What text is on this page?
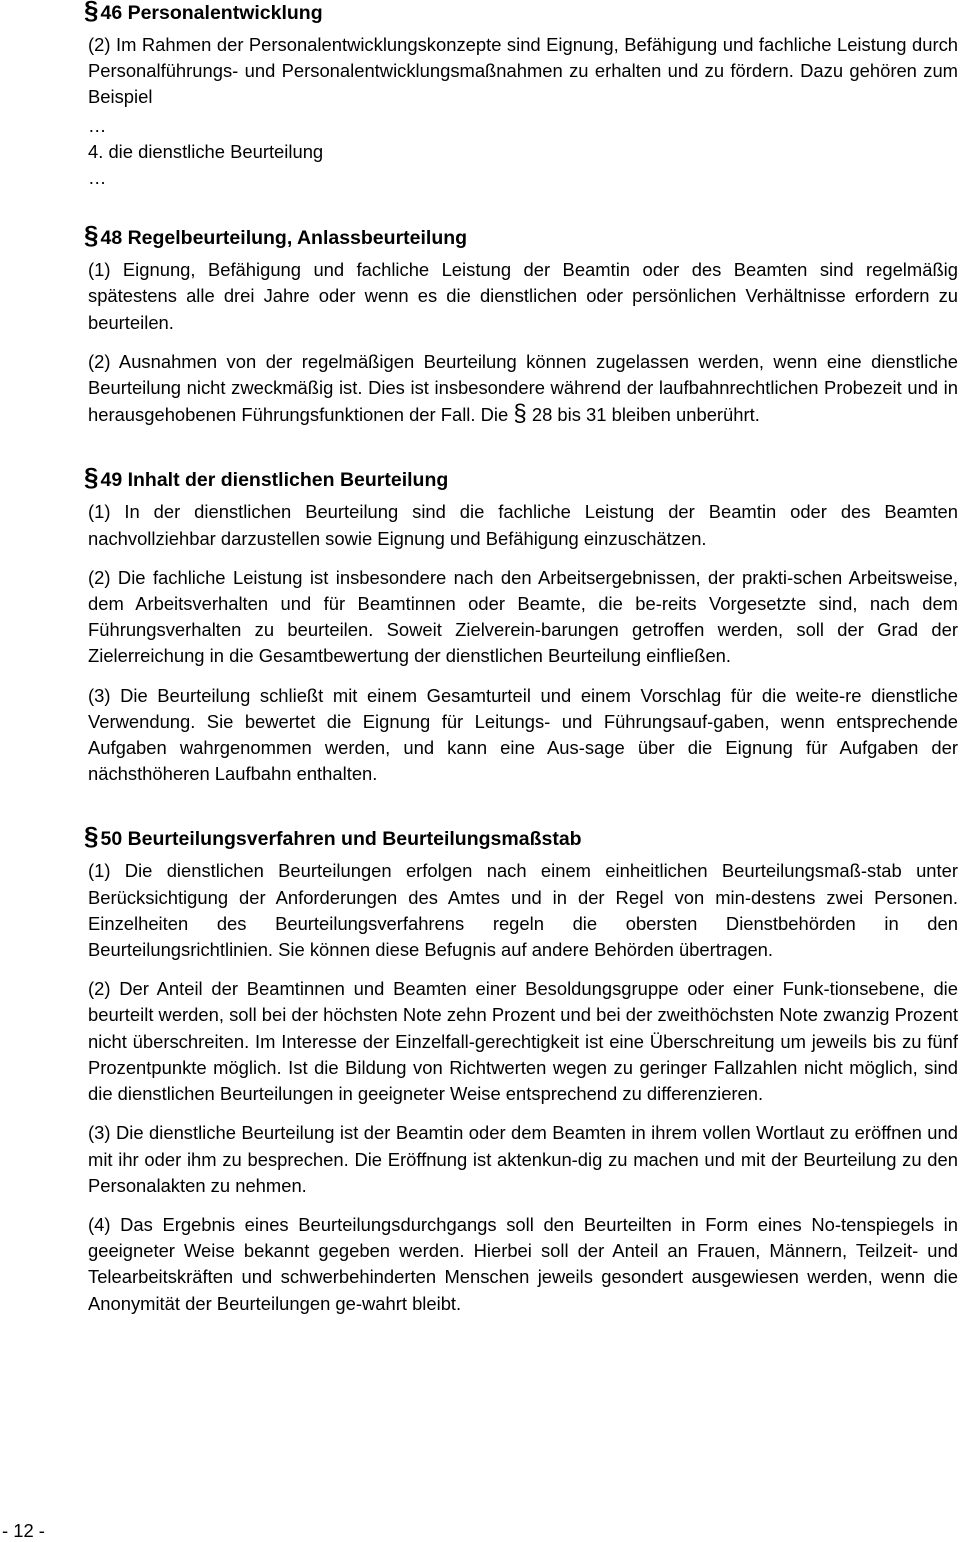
§ 46 Personalentwicklung

(2) Im Rahmen der Personalentwicklungskonzepte sind Eignung, Befähigung und fachliche Leistung durch Personalführungs- und Personalentwicklungsmaßnahmen zu erhalten und zu fördern. Dazu gehören zum Beispiel

…

4. die dienstliche Beurteilung

…

§ 48 Regelbeurteilung, Anlassbeurteilung

(1) Eignung, Befähigung und fachliche Leistung der Beamtin oder des Beamten sind regelmäßig spätestens alle drei Jahre oder wenn es die dienstlichen oder persönlichen Verhältnisse erfordern zu beurteilen.

(2) Ausnahmen von der regelmäßigen Beurteilung können zugelassen werden, wenn eine dienstliche Beurteilung nicht zweckmäßig ist. Dies ist insbesondere während der laufbahnrechtlichen Probezeit und in herausgehobenen Führungsfunktionen der Fall. Die § 28 bis 31 bleiben unberührt.

§ 49 Inhalt der dienstlichen Beurteilung

(1) In der dienstlichen Beurteilung sind die fachliche Leistung der Beamtin oder des Beamten nachvollziehbar darzustellen sowie Eignung und Befähigung einzuschätzen.

(2) Die fachliche Leistung ist insbesondere nach den Arbeitsergebnissen, der prakti-schen Arbeitsweise, dem Arbeitsverhalten und für Beamtinnen oder Beamte, die be-reits Vorgesetzte sind, nach dem Führungsverhalten zu beurteilen. Soweit Zielverein-barungen getroffen werden, soll der Grad der Zielerreichung in die Gesamtbewertung der dienstlichen Beurteilung einfließen.

(3) Die Beurteilung schließt mit einem Gesamturteil und einem Vorschlag für die weite-re dienstliche Verwendung. Sie bewertet die Eignung für Leitungs- und Führungsauf-gaben, wenn entsprechende Aufgaben wahrgenommen werden, und kann eine Aus-sage über die Eignung für Aufgaben der nächsthöheren Laufbahn enthalten.

§ 50 Beurteilungsverfahren und Beurteilungsmaßstab

(1) Die dienstlichen Beurteilungen erfolgen nach einem einheitlichen Beurteilungsmaß-stab unter Berücksichtigung der Anforderungen des Amtes und in der Regel von min-destens zwei Personen. Einzelheiten des Beurteilungsverfahrens regeln die obersten Dienstbehörden in den Beurteilungsrichtlinien. Sie können diese Befugnis auf andere Behörden übertragen.

(2) Der Anteil der Beamtinnen und Beamten einer Besoldungsgruppe oder einer Funk-tionsebene, die beurteilt werden, soll bei der höchsten Note zehn Prozent und bei der zweithöchsten Note zwanzig Prozent nicht überschreiten. Im Interesse der Einzelfall-gerechtigkeit ist eine Überschreitung um jeweils bis zu fünf Prozentpunkte möglich. Ist die Bildung von Richtwerten wegen zu geringer Fallzahlen nicht möglich, sind die dienstlichen Beurteilungen in geeigneter Weise entsprechend zu differenzieren.

(3) Die dienstliche Beurteilung ist der Beamtin oder dem Beamten in ihrem vollen Wortlaut zu eröffnen und mit ihr oder ihm zu besprechen. Die Eröffnung ist aktenkun-dig zu machen und mit der Beurteilung zu den Personalakten zu nehmen.

(4) Das Ergebnis eines Beurteilungsdurchgangs soll den Beurteilten in Form eines No-tenspiegels in geeigneter Weise bekannt gegeben werden. Hierbei soll der Anteil an Frauen, Männern, Teilzeit- und Telearbeitskräften und schwerbehinderten Menschen jeweils gesondert ausgewiesen werden, wenn die Anonymität der Beurteilungen ge-wahrt bleibt.

- 12 -
